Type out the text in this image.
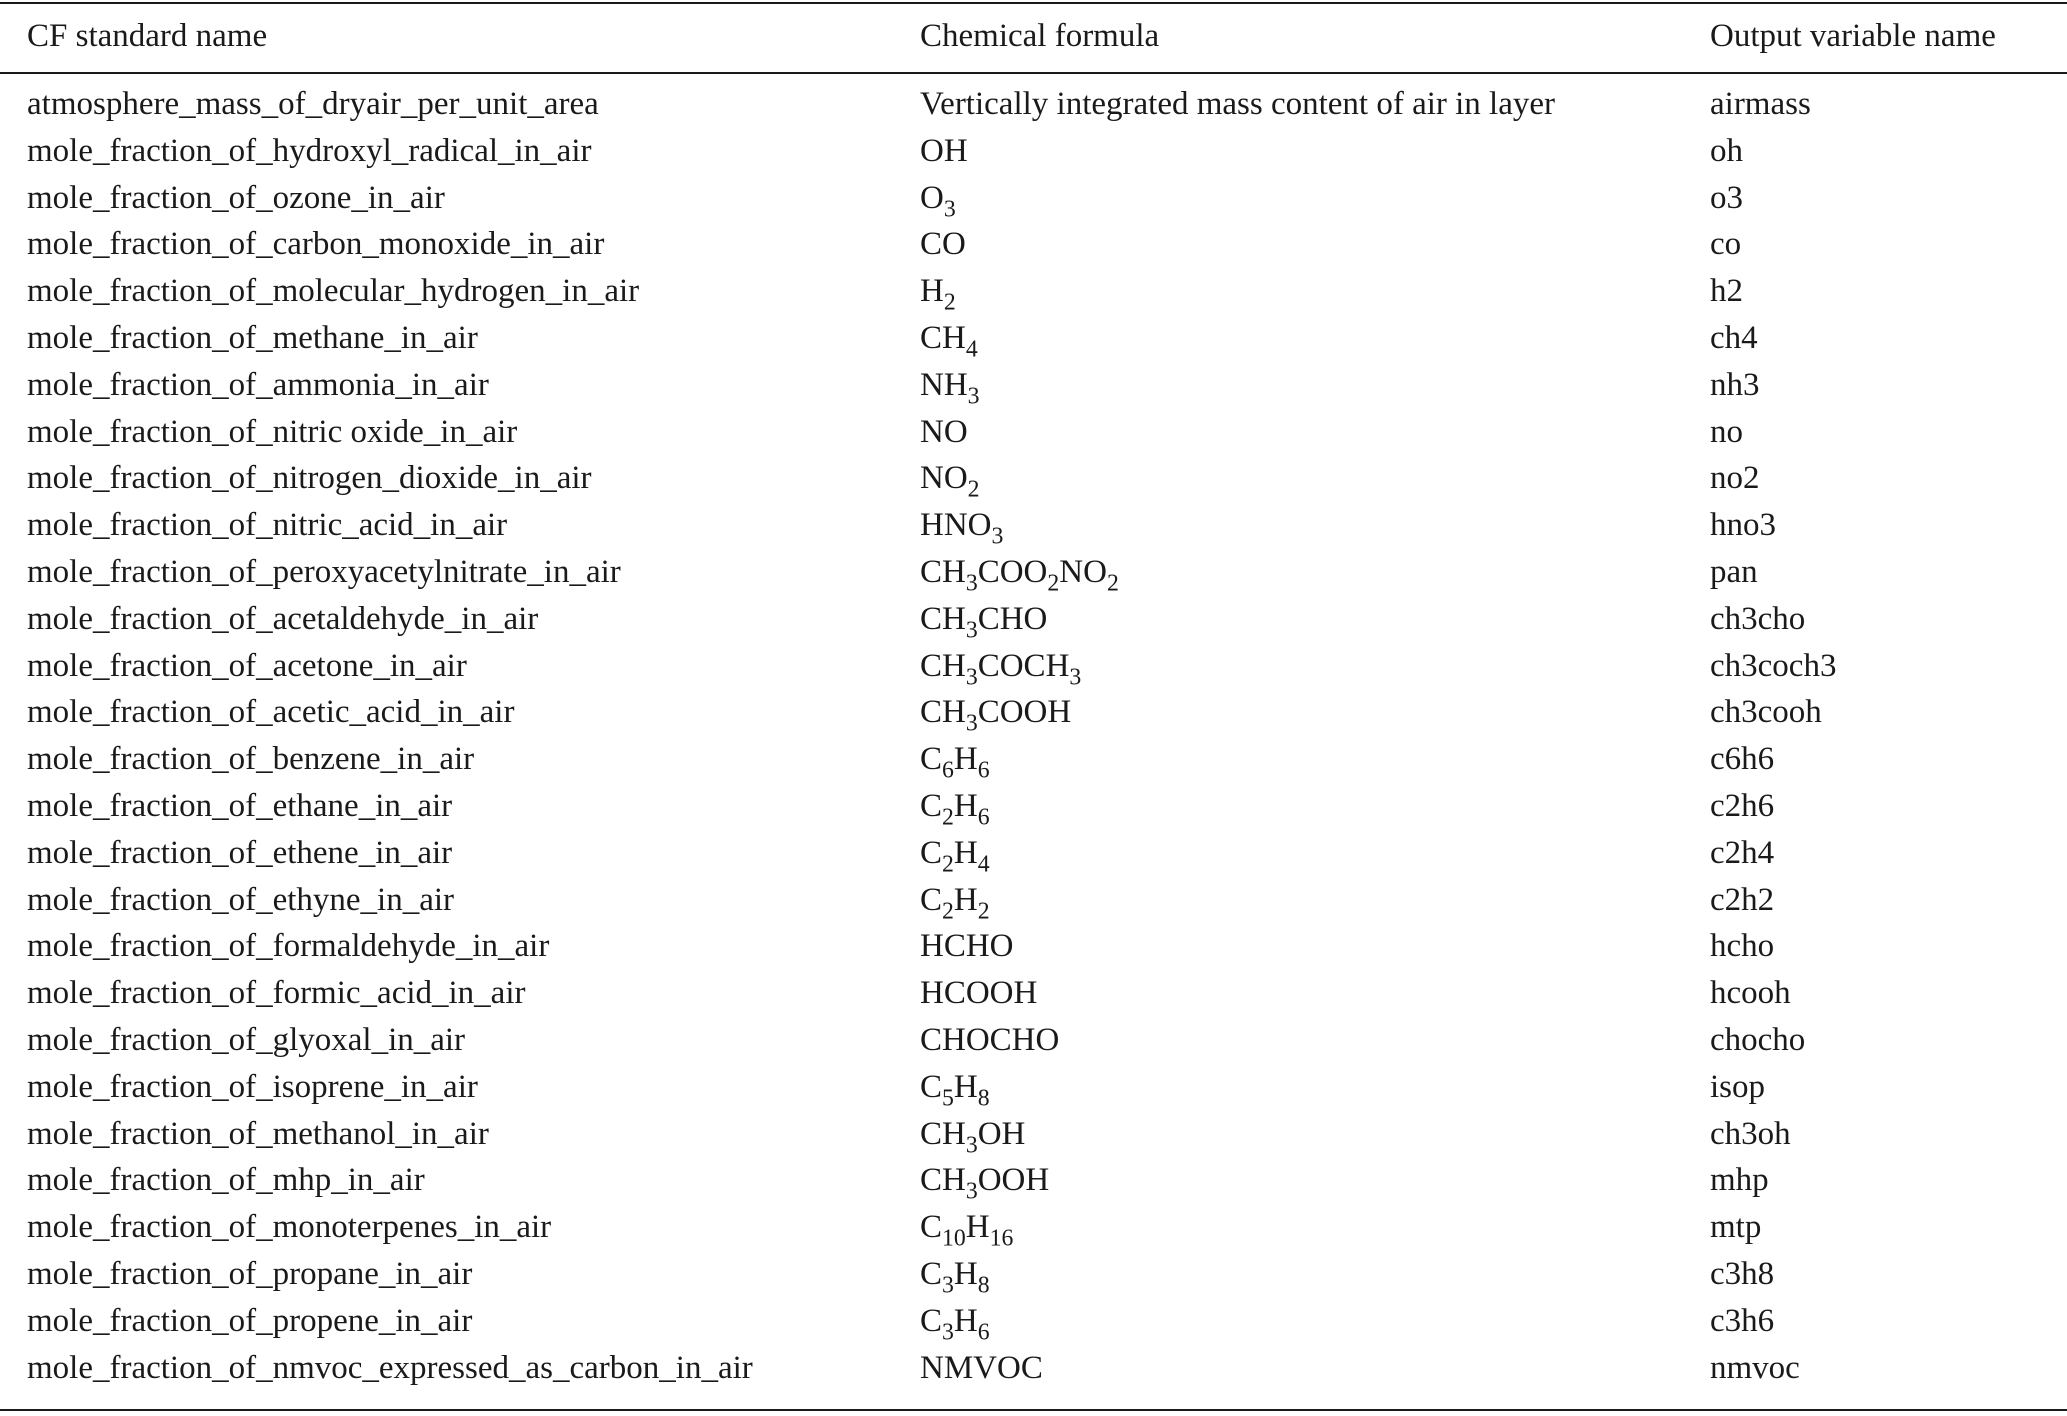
CF standard name	Chemical formula	Output variable name
atmosphere_mass_of_dryair_per_unit_area	Vertically integrated mass content of air in layer	airmass
mole_fraction_of_hydroxyl_radical_in_air	OH	oh
mole_fraction_of_ozone_in_air	$O_3$	o3
mole_fraction_of_carbon_monoxide_in_air	CO	co
mole_fraction_of_molecular_hydrogen_in_air	$H_2$	h2
mole_fraction_of_methane_in_air	$CH_4$	ch4
mole_fraction_of_ammonia_in_air	$NH_3$	nh3
mole_fraction_of_nitric oxide_in_air	NO	no
mole_fraction_of_nitrogen_dioxide_in_air	$NO_2$	no2
mole_fraction_of_nitric_acid_in_air	$HNO_3$	hno3
mole_fraction_of_peroxyacetylnitrate_in_air	$CH_3COO_2NO_2$	pan
mole_fraction_of_acetaldehyde_in_air	$CH_3CHO$	ch3cho
mole_fraction_of_acetone_in_air	$CH_3COCH_3$	ch3coch3
mole_fraction_of_acetic_acid_in_air	$CH_3COOH$	ch3cooh
mole_fraction_of_benzene_in_air	$C_6H_6$	c6h6
mole_fraction_of_ethane_in_air	$C_2H_6$	c2h6
mole_fraction_of_ethene_in_air	$C_2H_4$	c2h4
mole_fraction_of_ethyne_in_air	$C_2H_2$	c2h2
mole_fraction_of_formaldehyde_in_air	HCHO	hcho
mole_fraction_of_formic_acid_in_air	HCOOH	hcooh
mole_fraction_of_glyoxal_in_air	CHOCHO	chocho
mole_fraction_of_isoprene_in_air	$C_5H_8$	isop
mole_fraction_of_methanol_in_air	$CH_3OH$	ch3oh
mole_fraction_of_mhp_in_air	$CH_3OOH$	mhp
mole_fraction_of_monoterpenes_in_air	$C_{10}H_{16}$	mtp
mole_fraction_of_propane_in_air	$C_3H_8$	c3h8
mole_fraction_of_propene_in_air	$C_3H_6$	c3h6
mole_fraction_of_nmvoc_expressed_as_carbon_in_air	NMVOC	nmvoc
